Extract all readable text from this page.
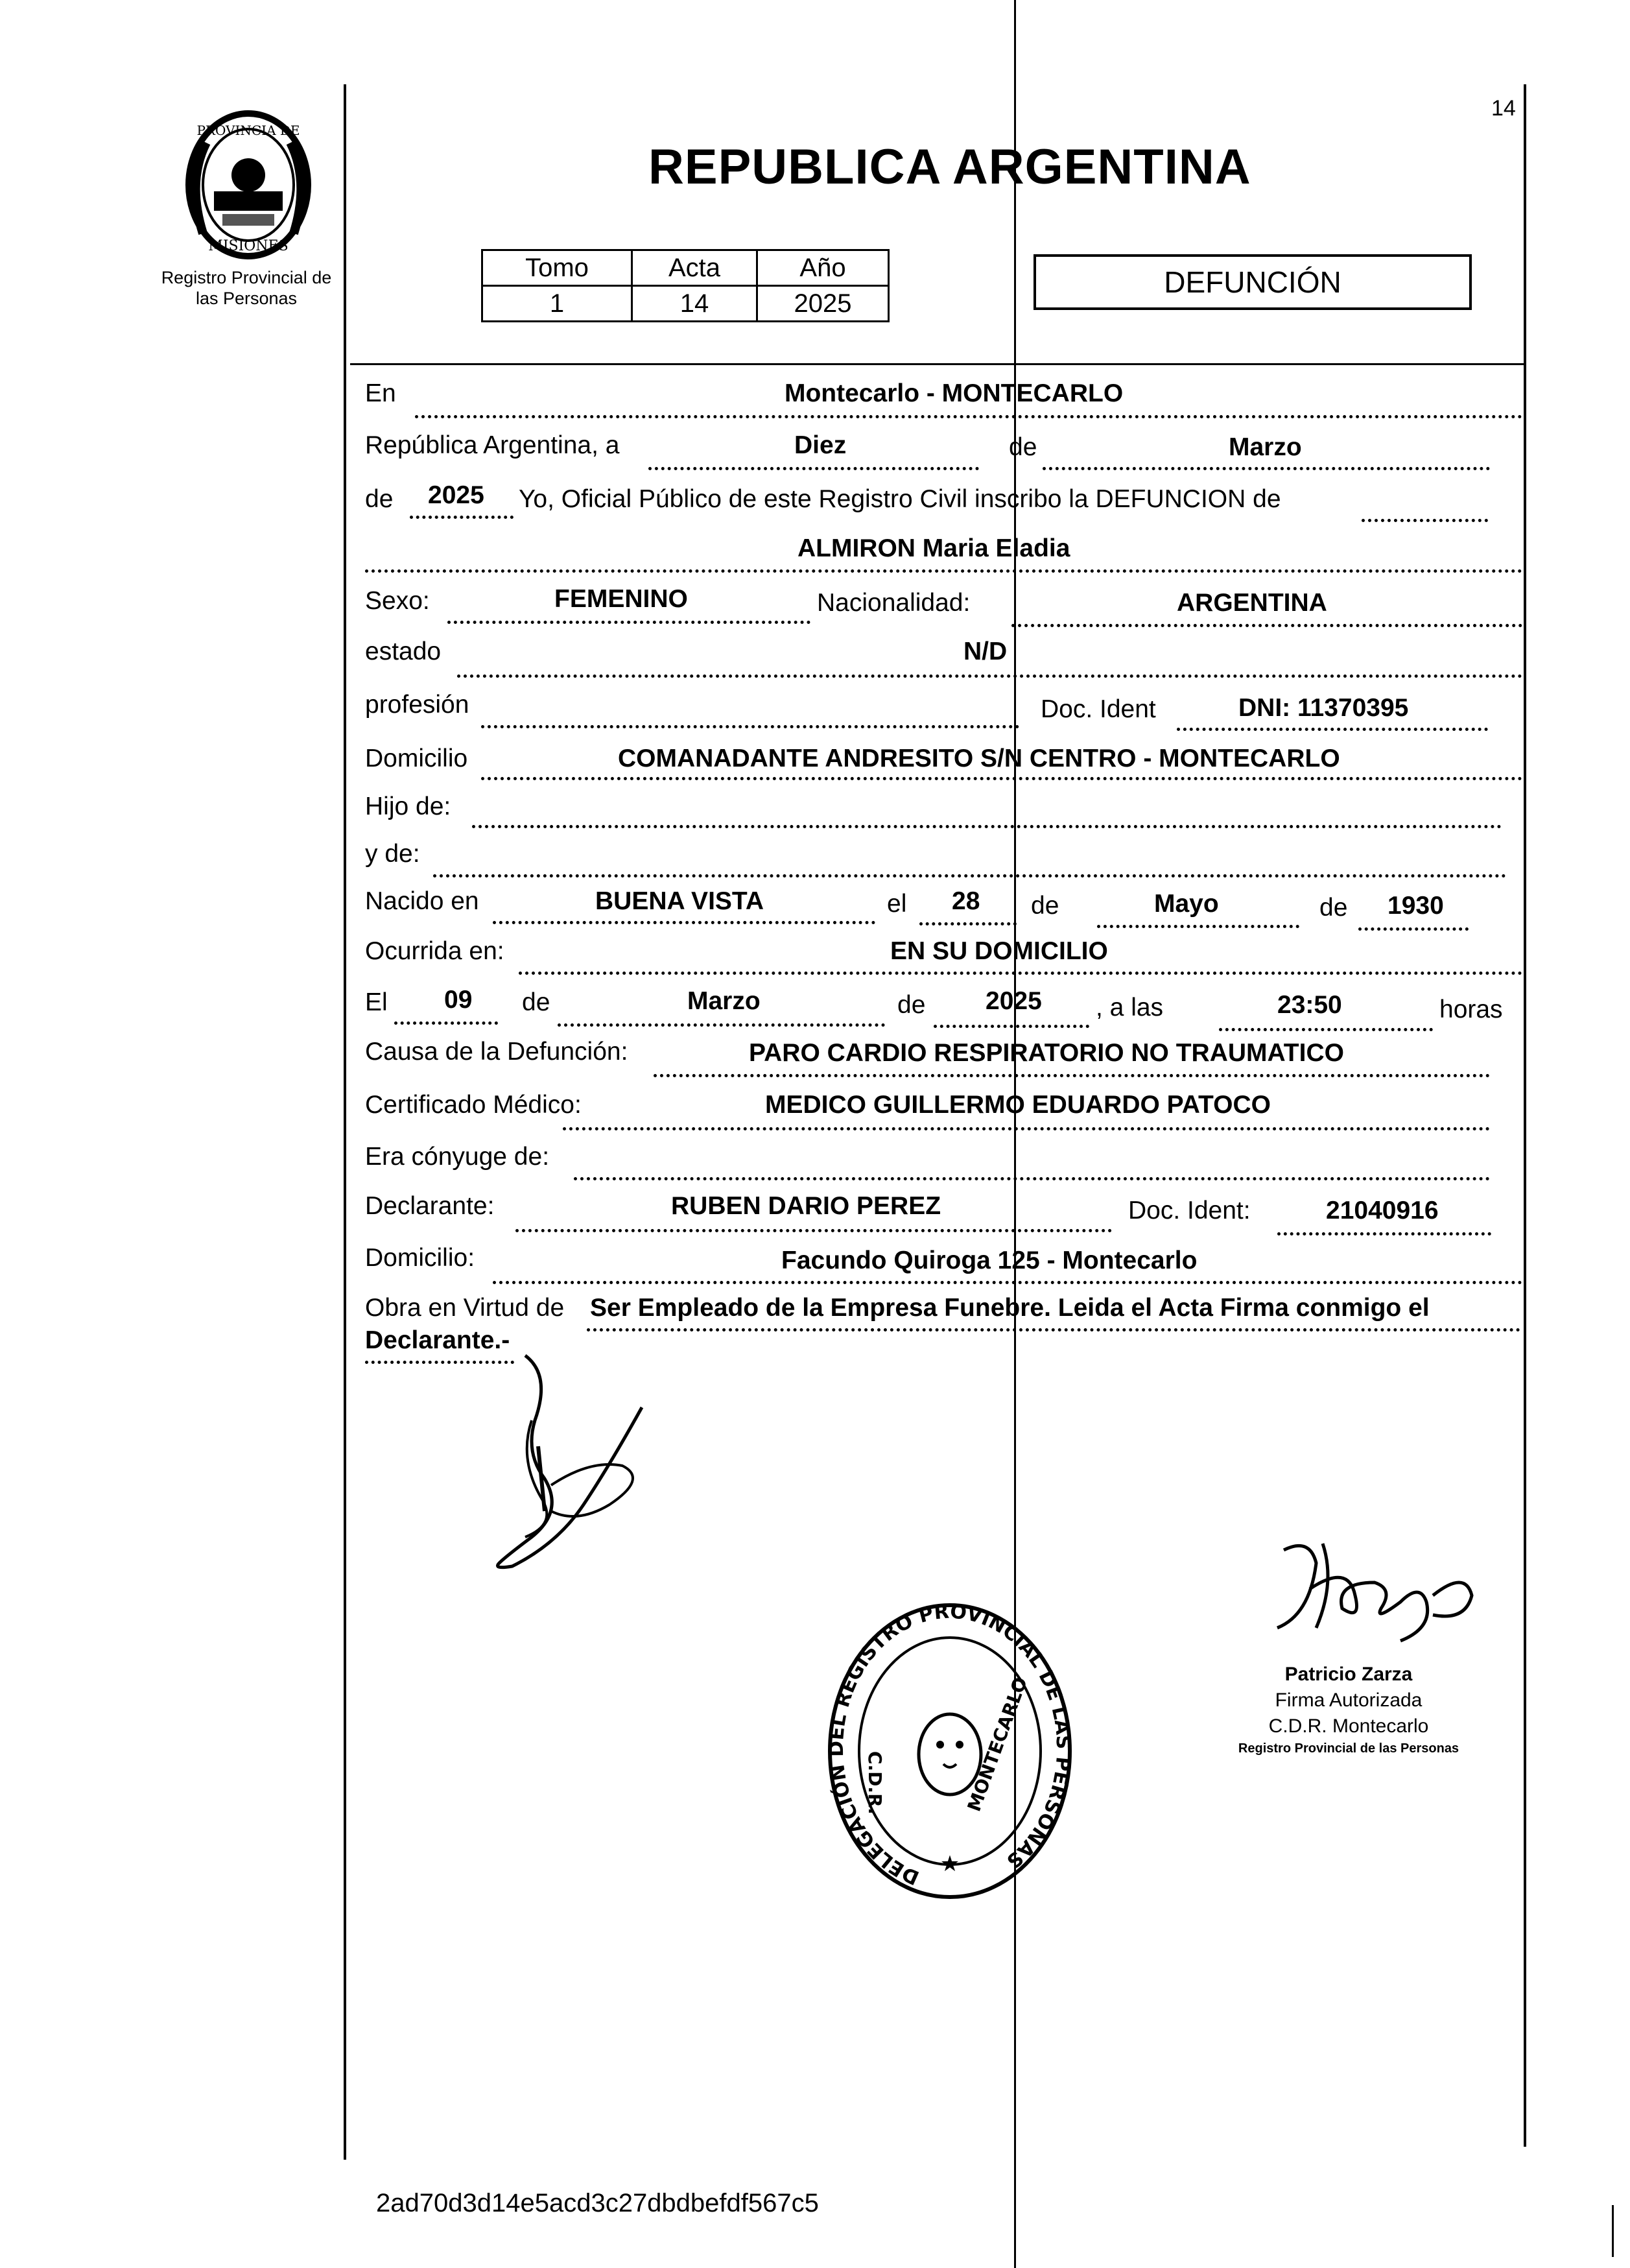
PROVINCIA DE
MISIONES
Registro Provincial de
las Personas
14
REPUBLICA ARGENTINA
Tomo	Acta	Año
1	14	2025
DEFUNCIÓN
En	Montecarlo - MONTECARLO
República Argentina, a	Diez	de	Marzo
de 2025 Yo, Oficial Público de este Registro Civil inscribo la DEFUNCION de
ALMIRON Maria Eladia
Sexo:	FEMENINO	Nacionalidad:	ARGENTINA
estado	N/D
profesión	Doc. Ident	DNI: 11370395
Domicilio	COMANADANTE ANDRESITO S/N CENTRO - MONTECARLO
Hijo de:
y de:
Nacido en	BUENA VISTA	el 28 de	Mayo	de 1930
Ocurrida en:	EN SU DOMICILIO
El 09 de	Marzo	de 2025 , a las	23:50	horas
Causa de la Defunción:	PARO CARDIO RESPIRATORIO NO TRAUMATICO
Certificado Médico:	MEDICO GUILLERMO EDUARDO PATOCO
Era cónyuge de:
Declarante:	RUBEN DARIO PEREZ	Doc. Ident:	21040916
Domicilio:	Facundo Quiroga 125 - Montecarlo
Obra en Virtud de Ser Empleado de la Empresa Funebre. Leida el Acta Firma conmigo el
Declarante.-
DELEGACIÓN DEL REGISTRO PROVINCIAL DE LAS PERSONAS
C.D.R.	MONTECARLO
★
Patricio Zarza
Firma Autorizada
C.D.R. Montecarlo
Registro Provincial de las Personas
2ad70d3d14e5acd3c27dbdbefdf567c5
